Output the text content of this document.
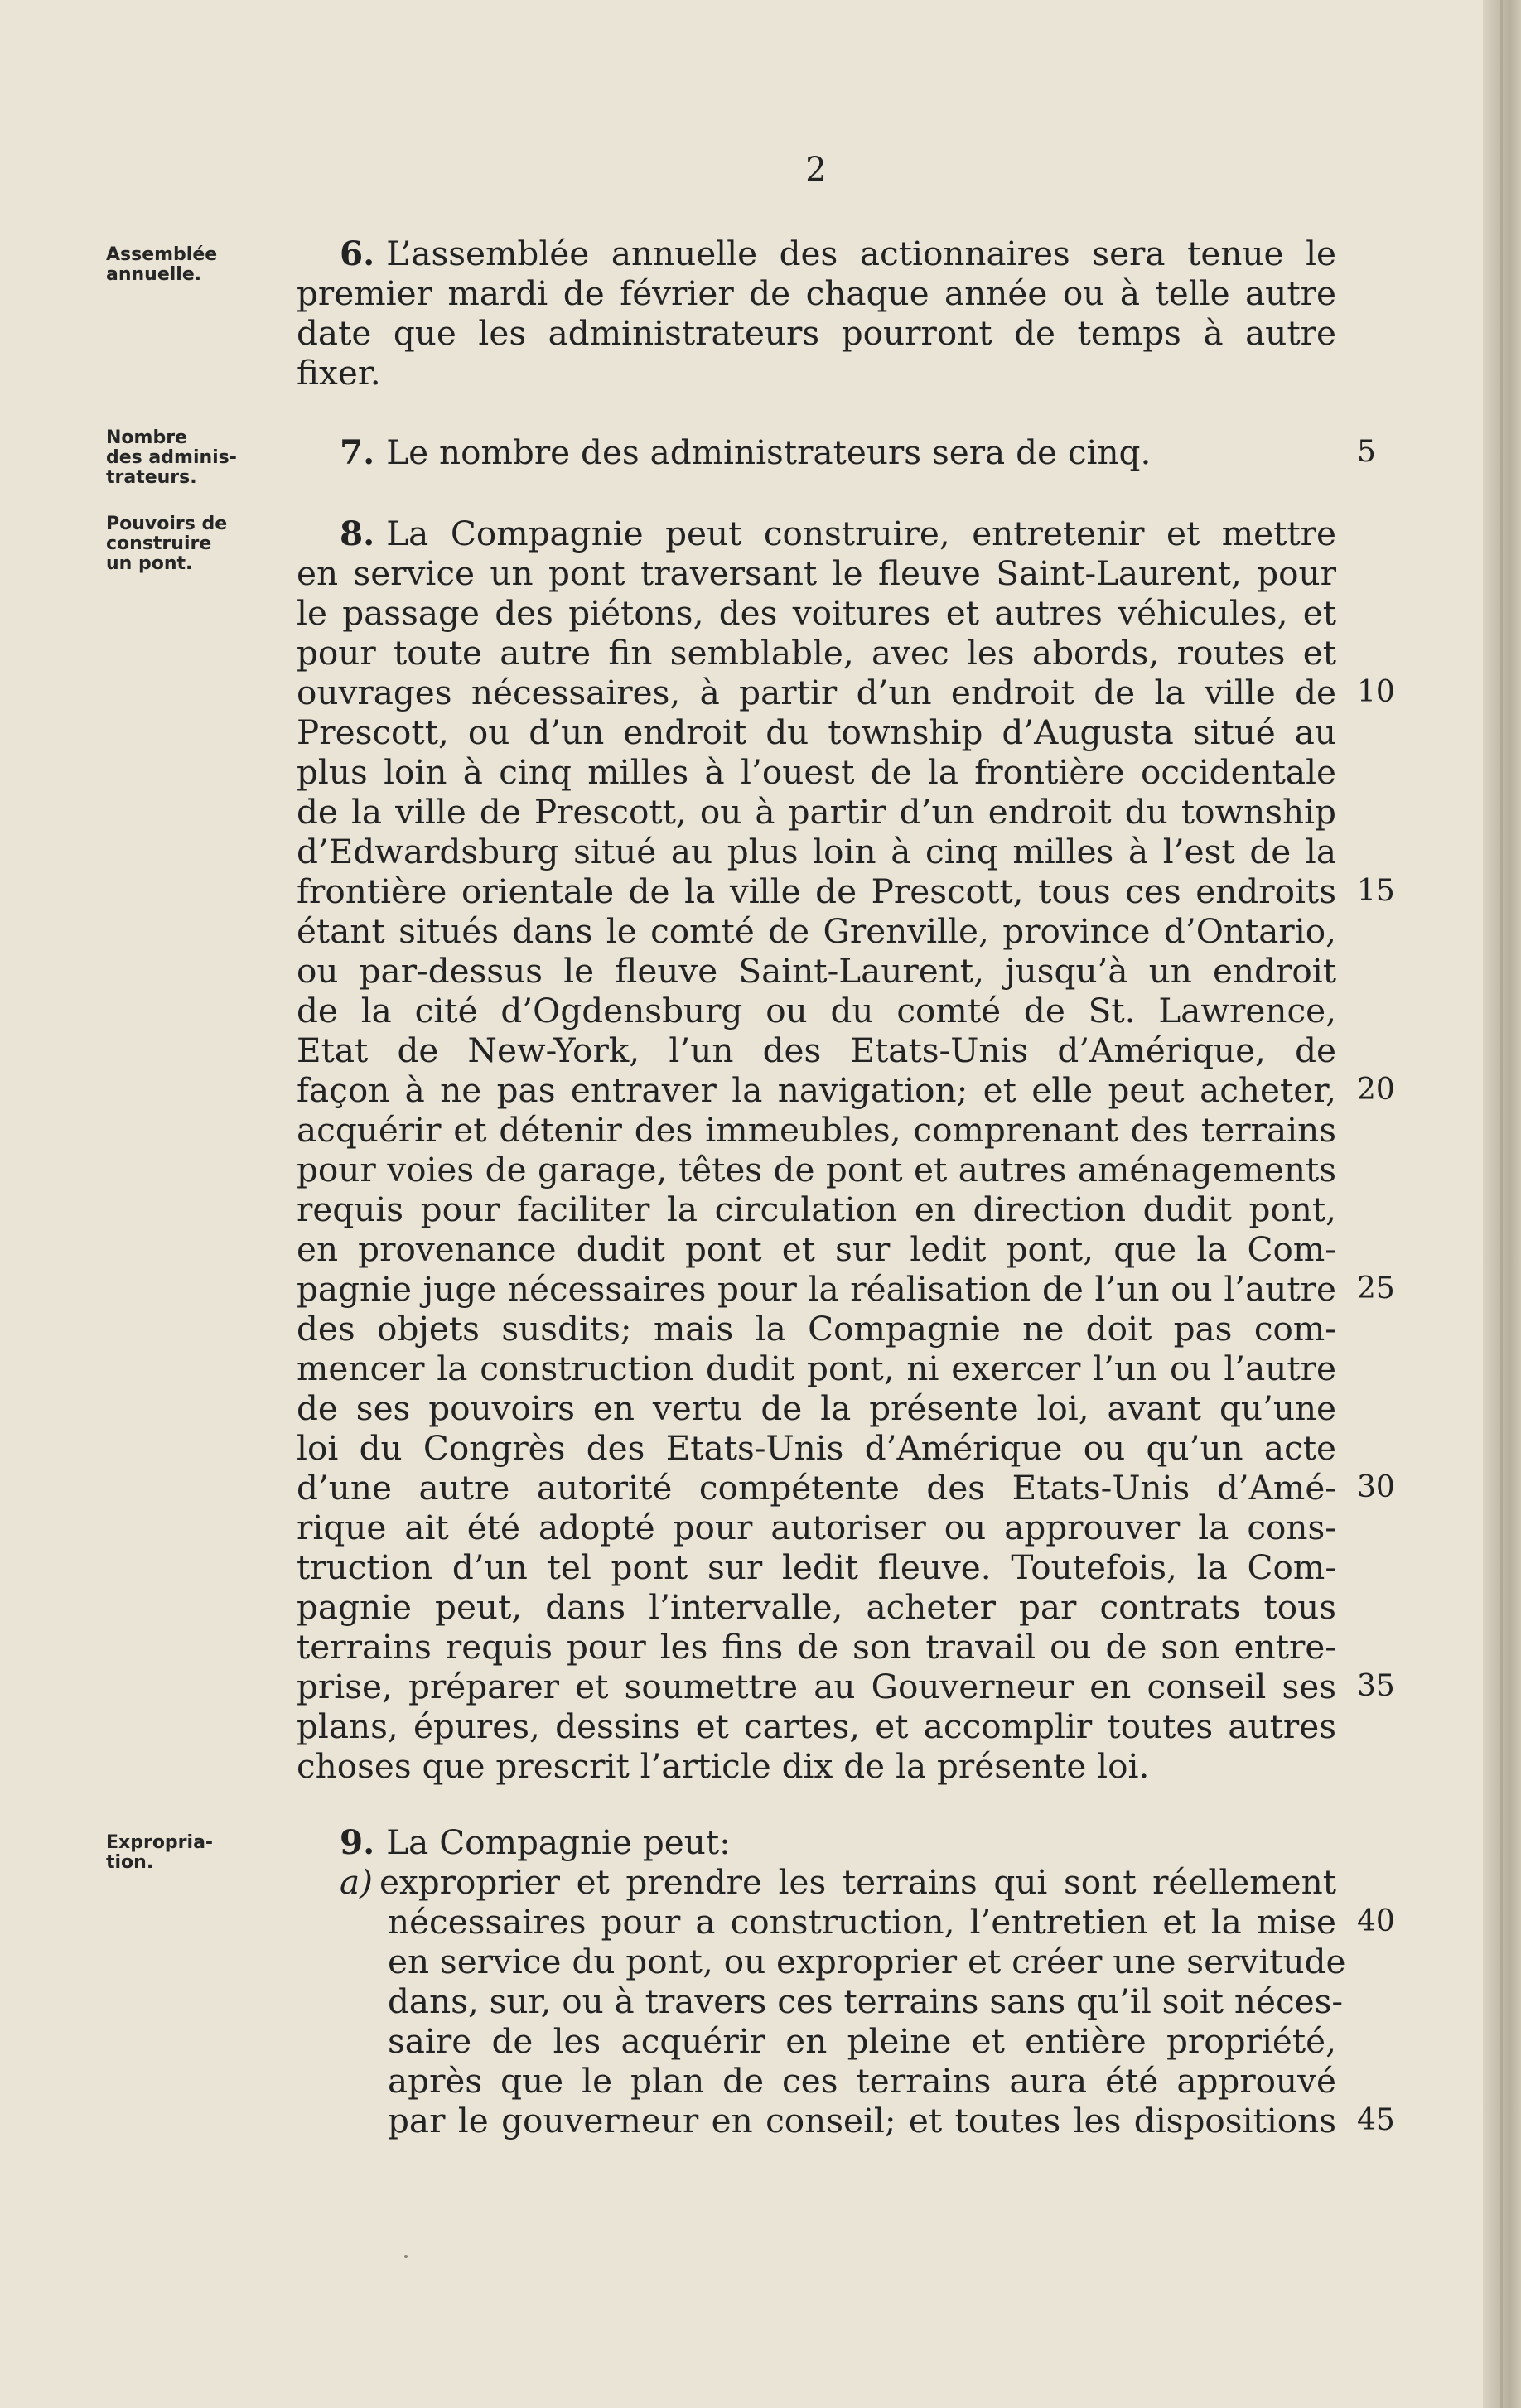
2
Assemblée
annuelle.
Nombre
des adminis-
trateurs.
Pouvoirs de
construire
un pont.
Expropria-
tion.
6. L’assemblée annuelle des actionnaires sera tenue le
premier mardi de février de chaque année ou à telle autre
date que les administrateurs pourront de temps à autre
fixer.
7. Le nombre des administrateurs sera de cinq.
8. La Compagnie peut construire, entretenir et mettre
en service un pont traversant le fleuve Saint-Laurent, pour
le passage des piétons, des voitures et autres véhicules, et
pour toute autre fin semblable, avec les abords, routes et
ouvrages nécessaires, à partir d’un endroit de la ville de
Prescott, ou d’un endroit du township d’Augusta situé au
plus loin à cinq milles à l’ouest de la frontière occidentale
de la ville de Prescott, ou à partir d’un endroit du township
d’Edwardsburg situé au plus loin à cinq milles à l’est de la
frontière orientale de la ville de Prescott, tous ces endroits
étant situés dans le comté de Grenville, province d’Ontario,
ou par-dessus le fleuve Saint-Laurent, jusqu’à un endroit
de la cité d’Ogdensburg ou du comté de St. Lawrence,
Etat de New-York, l’un des Etats-Unis d’Amérique, de
façon à ne pas entraver la navigation; et elle peut acheter,
acquérir et détenir des immeubles, comprenant des terrains
pour voies de garage, têtes de pont et autres aménagements
requis pour faciliter la circulation en direction dudit pont,
en provenance dudit pont et sur ledit pont, que la Com-
pagnie juge nécessaires pour la réalisation de l’un ou l’autre
des objets susdits; mais la Compagnie ne doit pas com-
mencer la construction dudit pont, ni exercer l’un ou l’autre
de ses pouvoirs en vertu de la présente loi, avant qu’une
loi du Congrès des Etats-Unis d’Amérique ou qu’un acte
d’une autre autorité compétente des Etats-Unis d’Amé-
rique ait été adopté pour autoriser ou approuver la cons-
truction d’un tel pont sur ledit fleuve. Toutefois, la Com-
pagnie peut, dans l’intervalle, acheter par contrats tous
terrains requis pour les fins de son travail ou de son entre-
prise, préparer et soumettre au Gouverneur en conseil ses
plans, épures, dessins et cartes, et accomplir toutes autres
choses que prescrit l’article dix de la présente loi.
9. La Compagnie peut:
a) exproprier et prendre les terrains qui sont réellement
nécessaires pour a construction, l’entretien et la mise
en service du pont, ou exproprier et créer une servitude
dans, sur, ou à travers ces terrains sans qu’il soit néces-
saire de les acquérir en pleine et entière propriété,
après que le plan de ces terrains aura été approuvé
par le gouverneur en conseil; et toutes les dispositions
5
10
15
20
25
30
35
40
45
